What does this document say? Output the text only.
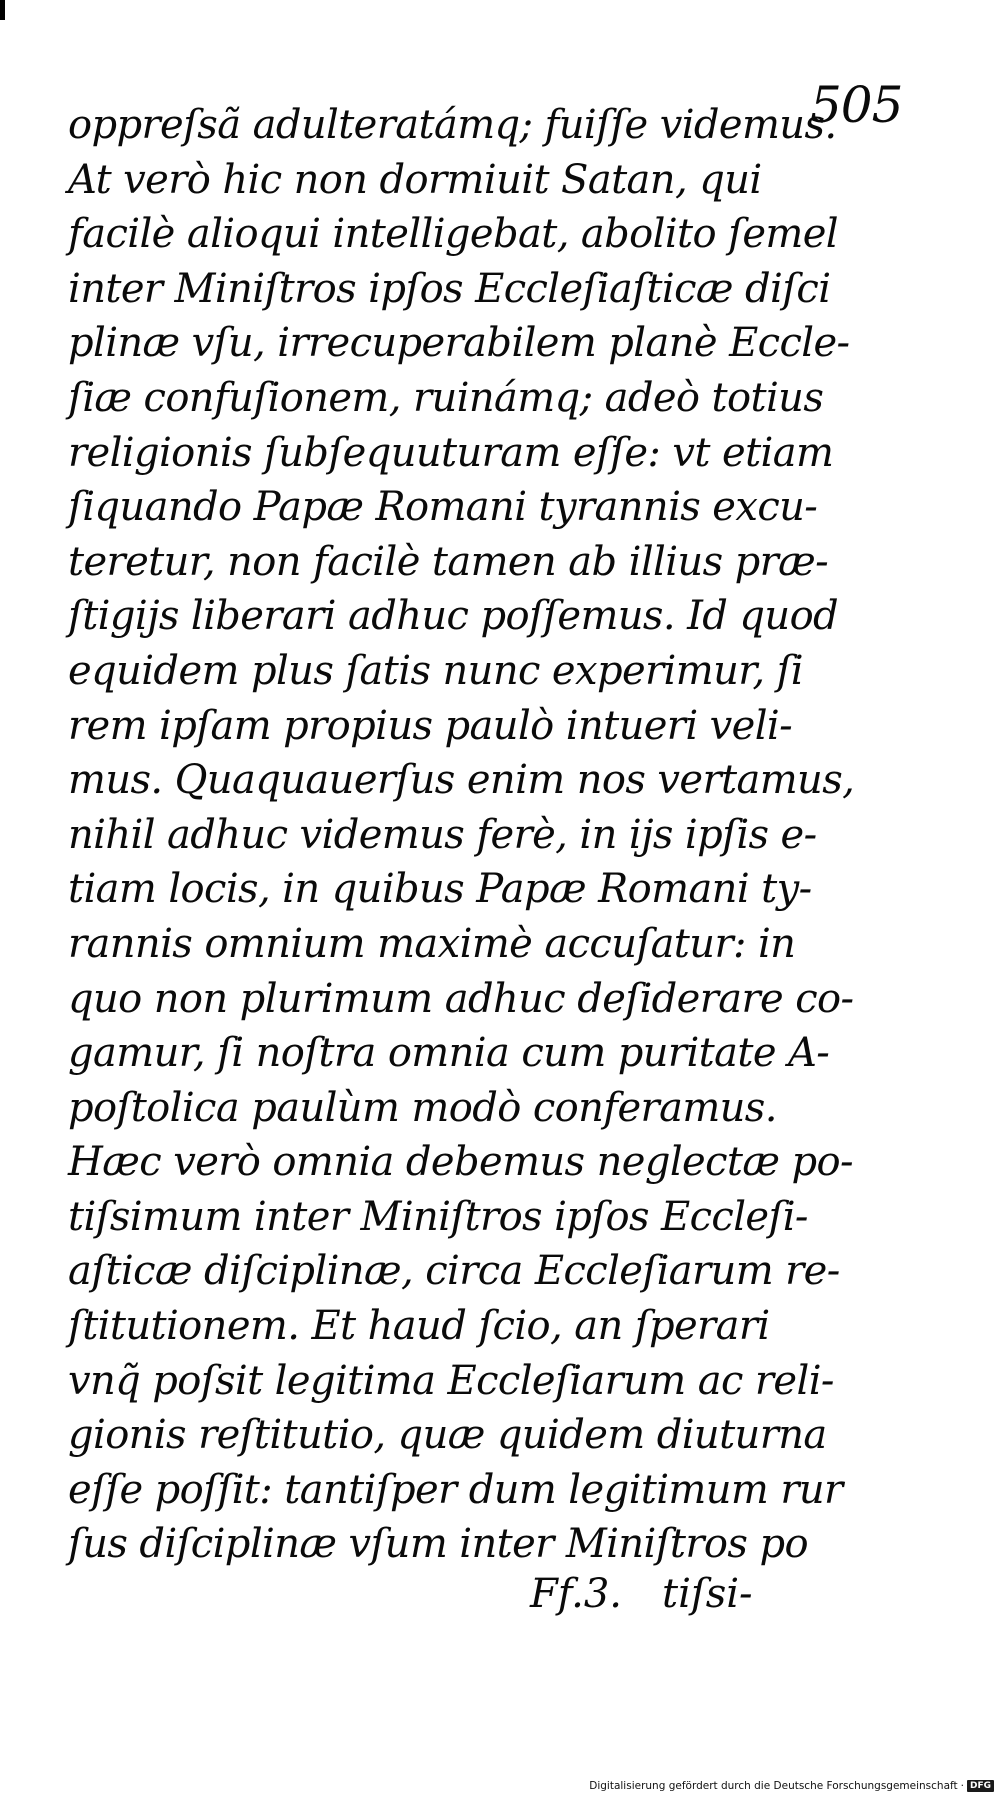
505
oppreſsã adulteratámq; fuiſſe videmus.
At verò hic non dormiuit Satan, qui
facilè alioqui intelligebat, abolito ſemel
inter Miniſtros ipſos Eccleſiaſticæ diſci
plinæ vſu, irrecuperabilem planè Eccle-
ſiæ confuſionem, ruinámq; adeò totius
religionis ſubſequuturam eſſe: vt etiam
ſiquando Papæ Romani tyrannis excu-
teretur, non facilè tamen ab illius præ-
ſtigijs liberari adhuc poſſemus. Id quod
equidem plus ſatis nunc experimur, ſi
rem ipſam propius paulò intueri veli-
mus. Quaquauerſus enim nos vertamus,
nihil adhuc videmus ferè, in ijs ipſis e-
tiam locis, in quibus Papæ Romani ty-
rannis omnium maximè accuſatur: in
quo non plurimum adhuc deſiderare co-
gamur, ſi noſtra omnia cum puritate A-
poſtolica paulùm modò conferamus.
Hæc verò omnia debemus neglectæ po-
tiſsimum inter Miniſtros ipſos Eccleſi-
aſticæ diſciplinæ, circa Eccleſiarum re-
ſtitutionem. Et haud ſcio, an ſperari
vnq̃ poſsit legitima Eccleſiarum ac reli-
gionis reſtitutio, quæ quidem diuturna
eſſe poſſit: tantiſper dum legitimum rur
ſus diſciplinæ vſum inter Miniſtros po
Ff.3. tiſsi-
Digitalisierung gefördert durch die Deutsche Forschungsgemeinschaft · DFG
